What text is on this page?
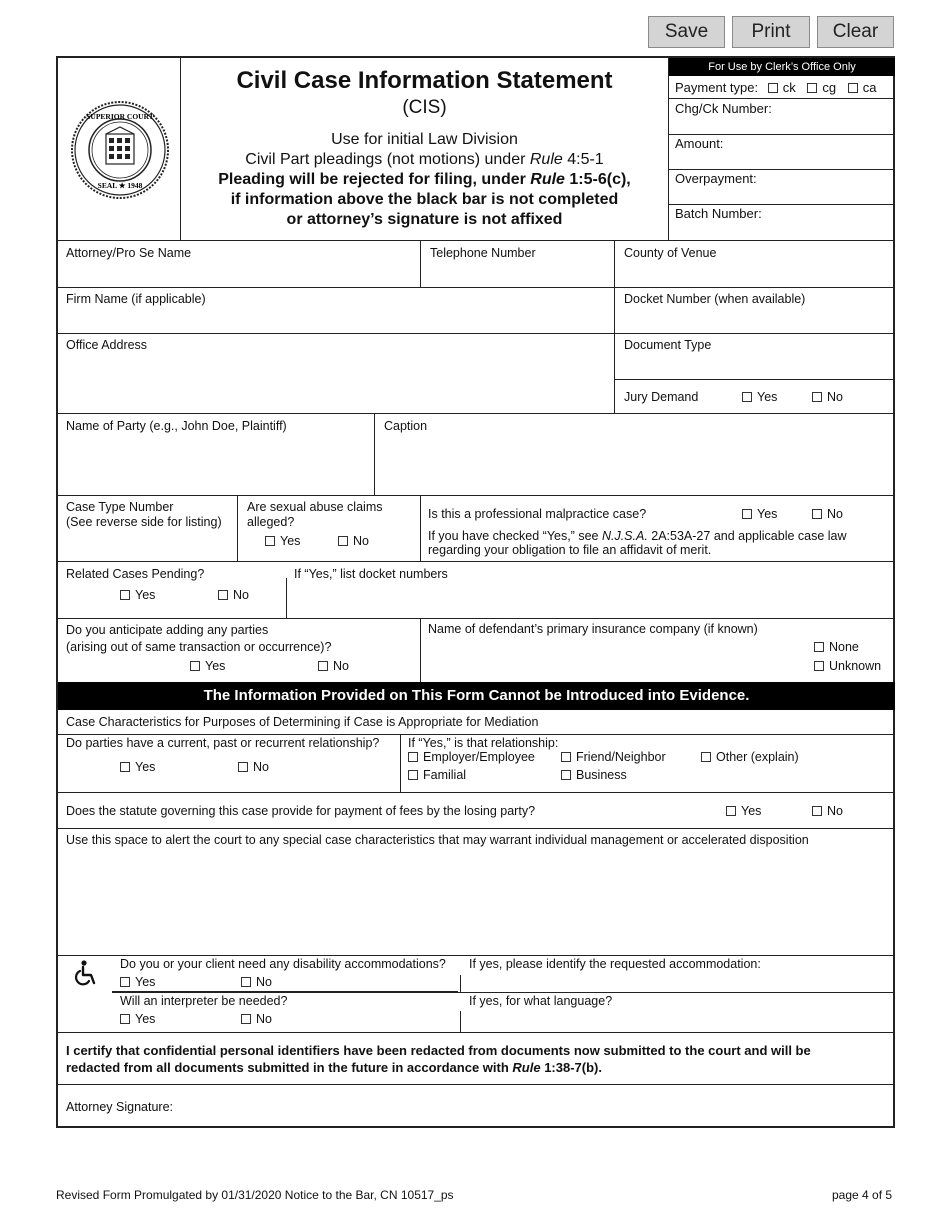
Save	Print	Clear
SUPERIOR COURT
SEAL ★ 1948
Civil Case Information Statement
(CIS)
Use for initial Law Division
Civil Part pleadings (not motions) under Rule 4:5-1
Pleading will be rejected for filing, under Rule 1:5-6(c),
if information above the black bar is not completed
or attorney’s signature is not affixed
For Use by Clerk’s Office Only
Payment type: ck cg ca
Chg/Ck Number:
Amount:
Overpayment:
Batch Number:
Attorney/Pro Se Name	Telephone Number	County of Venue
Firm Name (if applicable)	Docket Number (when available)
Office Address	Document Type
Jury Demand	Yes	No
Name of Party (e.g., John Doe, Plaintiff)	Caption
Case Type Number
(See reverse side for listing)
Are sexual abuse claims
alleged?
Yes	No
Is this a professional malpractice case?	Yes	No
If you have checked “Yes,” see N.J.S.A. 2A:53A-27 and applicable case law
regarding your obligation to file an affidavit of merit.
Related Cases Pending?
Yes	No
If “Yes,” list docket numbers
Do you anticipate adding any parties
(arising out of same transaction or occurrence)?
Yes	No
Name of defendant’s primary insurance company (if known)
None
Unknown
The Information Provided on This Form Cannot be Introduced into Evidence.
Case Characteristics for Purposes of Determining if Case is Appropriate for Mediation
Do parties have a current, past or recurrent relationship?
Yes	No
If “Yes,” is that relationship:
Employer/Employee	Friend/Neighbor	Other (explain)
Familial	Business
Does the statute governing this case provide for payment of fees by the losing party?	Yes	No
Use this space to alert the court to any special case characteristics that may warrant individual management or accelerated disposition
Do you or your client need any disability accommodations?
Yes	No
If yes, please identify the requested accommodation:
Will an interpreter be needed?
Yes	No
If yes, for what language?
I certify that confidential personal identifiers have been redacted from documents now submitted to the court and will be
redacted from all documents submitted in the future in accordance with Rule 1:38-7(b).
Attorney Signature:
Revised Form Promulgated by 01/31/2020 Notice to the Bar, CN 10517_ps	page 4 of 5
